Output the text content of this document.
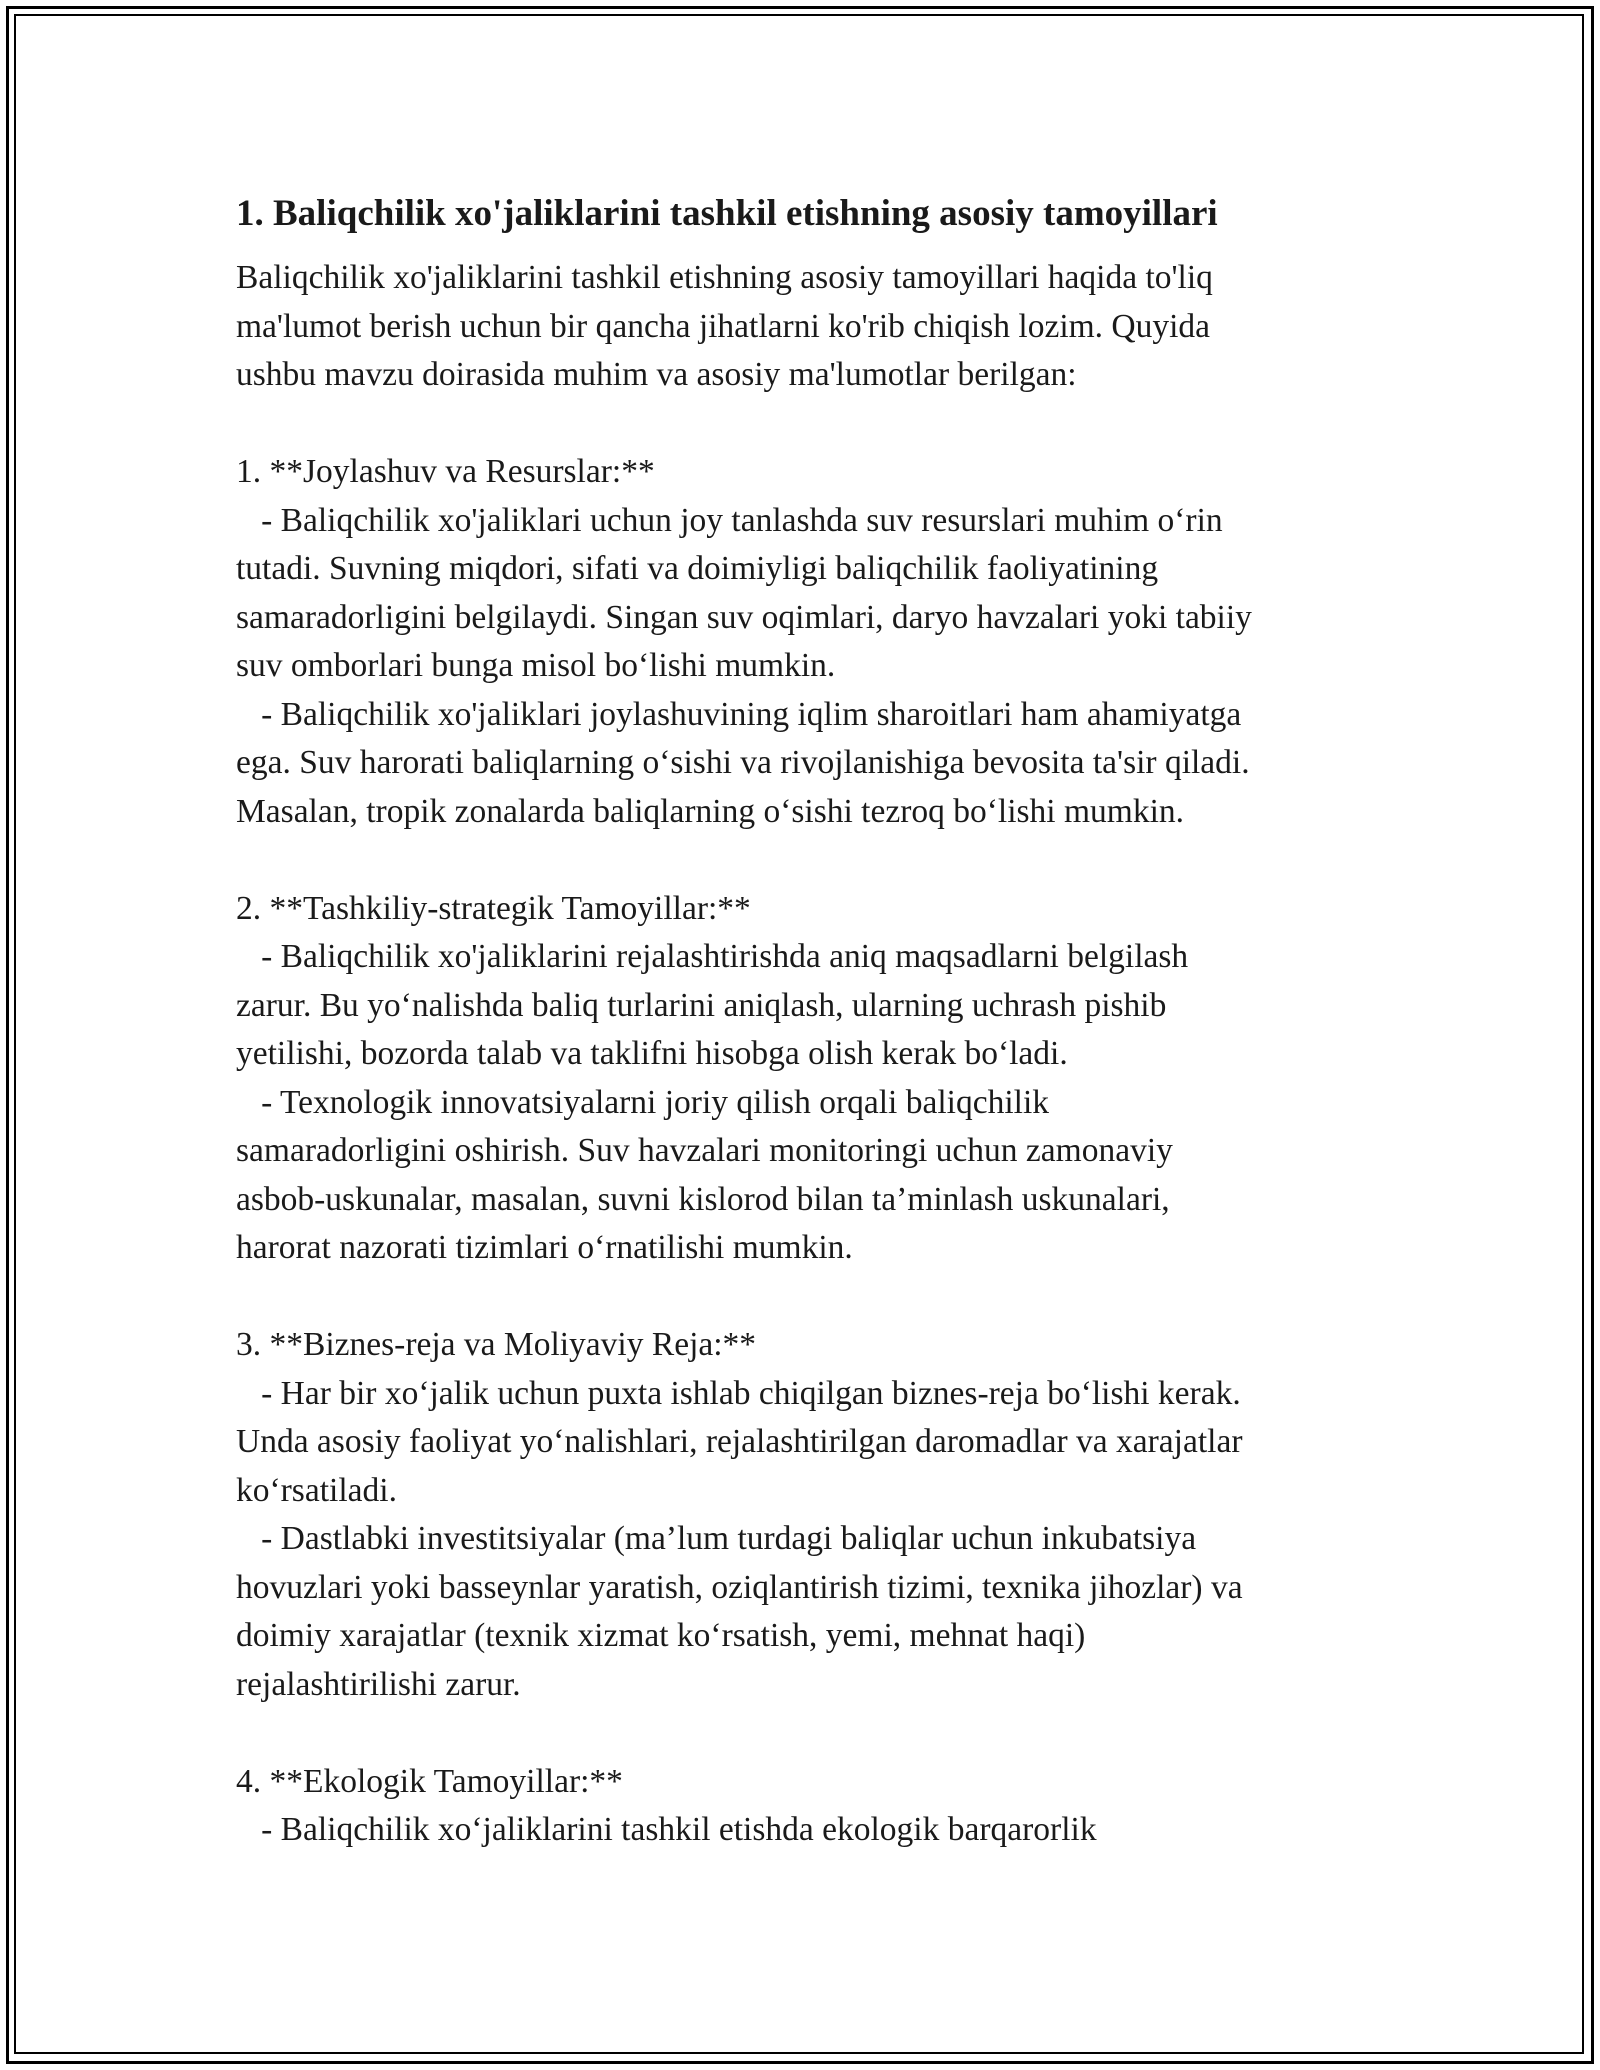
1. Baliqchilik xo'jaliklarini tashkil etishning asosiy tamoyillari

Baliqchilik xo'jaliklarini tashkil etishning asosiy tamoyillari haqida to'liq
ma'lumot berish uchun bir qancha jihatlarni ko'rib chiqish lozim. Quyida
ushbu mavzu doirasida muhim va asosiy ma'lumotlar berilgan:

1. **Joylashuv va Resurslar:**
- Baliqchilik xo'jaliklari uchun joy tanlashda suv resurslari muhim o‘rin
tutadi. Suvning miqdori, sifati va doimiyligi baliqchilik faoliyatining
samaradorligini belgilaydi. Singan suv oqimlari, daryo havzalari yoki tabiiy
suv omborlari bunga misol bo‘lishi mumkin.
- Baliqchilik xo'jaliklari joylashuvining iqlim sharoitlari ham ahamiyatga
ega. Suv harorati baliqlarning o‘sishi va rivojlanishiga bevosita ta'sir qiladi.
Masalan, tropik zonalarda baliqlarning o‘sishi tezroq bo‘lishi mumkin.

2. **Tashkiliy-strategik Tamoyillar:**
- Baliqchilik xo'jaliklarini rejalashtirishda aniq maqsadlarni belgilash
zarur. Bu yo‘nalishda baliq turlarini aniqlash, ularning uchrash pishib
yetilishi, bozorda talab va taklifni hisobga olish kerak bo‘ladi.
- Texnologik innovatsiyalarni joriy qilish orqali baliqchilik
samaradorligini oshirish. Suv havzalari monitoringi uchun zamonaviy
asbob-uskunalar, masalan, suvni kislorod bilan ta’minlash uskunalari,
harorat nazorati tizimlari o‘rnatilishi mumkin.

3. **Biznes-reja va Moliyaviy Reja:**
- Har bir xo‘jalik uchun puxta ishlab chiqilgan biznes-reja bo‘lishi kerak.
Unda asosiy faoliyat yo‘nalishlari, rejalashtirilgan daromadlar va xarajatlar
ko‘rsatiladi.
- Dastlabki investitsiyalar (ma’lum turdagi baliqlar uchun inkubatsiya
hovuzlari yoki basseynlar yaratish, oziqlantirish tizimi, texnika jihozlar) va
doimiy xarajatlar (texnik xizmat ko‘rsatish, yemi, mehnat haqi)
rejalashtirilishi zarur.

4. **Ekologik Tamoyillar:**
- Baliqchilik xo‘jaliklarini tashkil etishda ekologik barqarorlik
